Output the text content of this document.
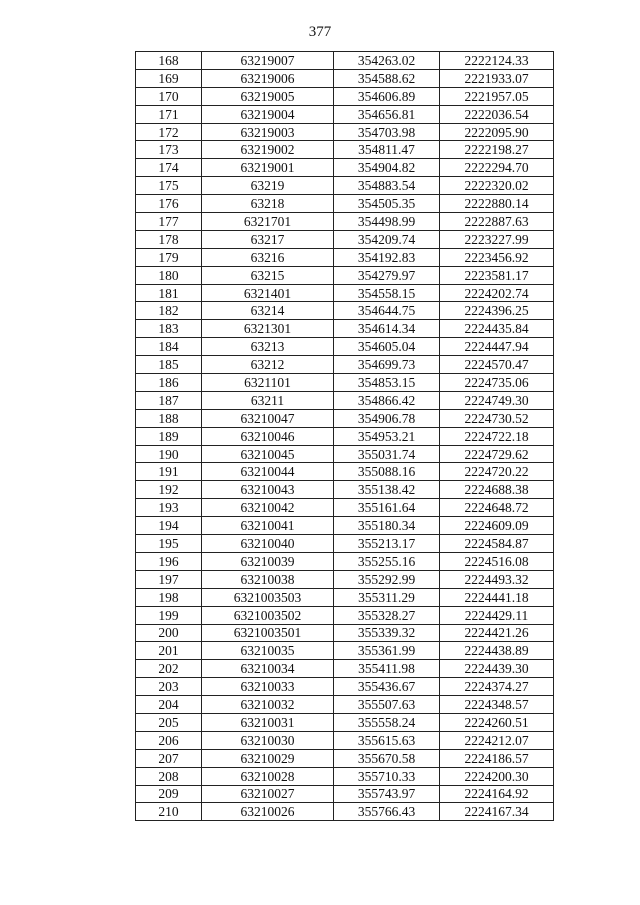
377
168	63219007	354263.02	2222124.33
169	63219006	354588.62	2221933.07
170	63219005	354606.89	2221957.05
171	63219004	354656.81	2222036.54
172	63219003	354703.98	2222095.90
173	63219002	354811.47	2222198.27
174	63219001	354904.82	2222294.70
175	63219	354883.54	2222320.02
176	63218	354505.35	2222880.14
177	6321701	354498.99	2222887.63
178	63217	354209.74	2223227.99
179	63216	354192.83	2223456.92
180	63215	354279.97	2223581.17
181	6321401	354558.15	2224202.74
182	63214	354644.75	2224396.25
183	6321301	354614.34	2224435.84
184	63213	354605.04	2224447.94
185	63212	354699.73	2224570.47
186	6321101	354853.15	2224735.06
187	63211	354866.42	2224749.30
188	63210047	354906.78	2224730.52
189	63210046	354953.21	2224722.18
190	63210045	355031.74	2224729.62
191	63210044	355088.16	2224720.22
192	63210043	355138.42	2224688.38
193	63210042	355161.64	2224648.72
194	63210041	355180.34	2224609.09
195	63210040	355213.17	2224584.87
196	63210039	355255.16	2224516.08
197	63210038	355292.99	2224493.32
198	6321003503	355311.29	2224441.18
199	6321003502	355328.27	2224429.11
200	6321003501	355339.32	2224421.26
201	63210035	355361.99	2224438.89
202	63210034	355411.98	2224439.30
203	63210033	355436.67	2224374.27
204	63210032	355507.63	2224348.57
205	63210031	355558.24	2224260.51
206	63210030	355615.63	2224212.07
207	63210029	355670.58	2224186.57
208	63210028	355710.33	2224200.30
209	63210027	355743.97	2224164.92
210	63210026	355766.43	2224167.34
